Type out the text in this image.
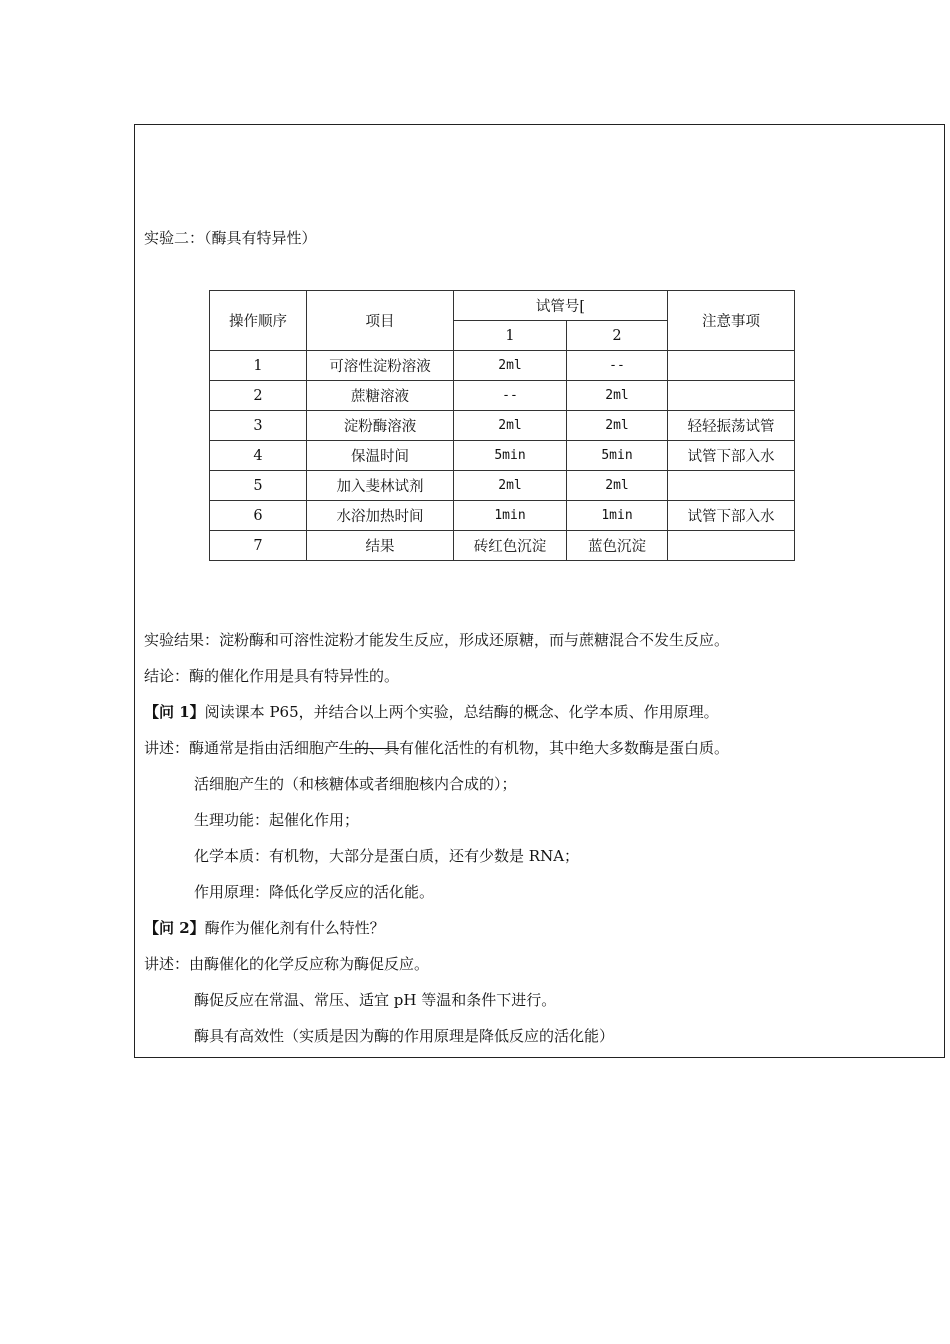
实验二：（酶具有特异性）
操作顺序	项目	试管号[		注意事项
		1	2	
1	可溶性淀粉溶液	2ml	--	
2	蔗糖溶液	--	2ml	
3	淀粉酶溶液	2ml	2ml	轻轻振荡试管
4	保温时间	5min	5min	试管下部入水
5	加入斐林试剂	2ml	2ml	
6	水浴加热时间	1min	1min	试管下部入水
7	结果	砖红色沉淀	蓝色沉淀	
实验结果：淀粉酶和可溶性淀粉才能发生反应，形成还原糖，而与蔗糖混合不发生反应。
结论：酶的催化作用是具有特异性的。
【问 1】阅读课本 P65，并结合以上两个实验，总结酶的概念、化学本质、作用原理。
讲述：酶通常是指由活细胞产生的、具有催化活性的有机物，其中绝大多数酶是蛋白质。
活细胞产生的（和核糖体或者细胞核内合成的）；
生理功能：起催化作用；
化学本质：有机物，大部分是蛋白质，还有少数是 RNA；
作用原理：降低化学反应的活化能。
【问 2】酶作为催化剂有什么特性？
讲述：由酶催化的化学反应称为酶促反应。
酶促反应在常温、常压、适宜 pH 等温和条件下进行。
酶具有高效性（实质是因为酶的作用原理是降低反应的活化能）
